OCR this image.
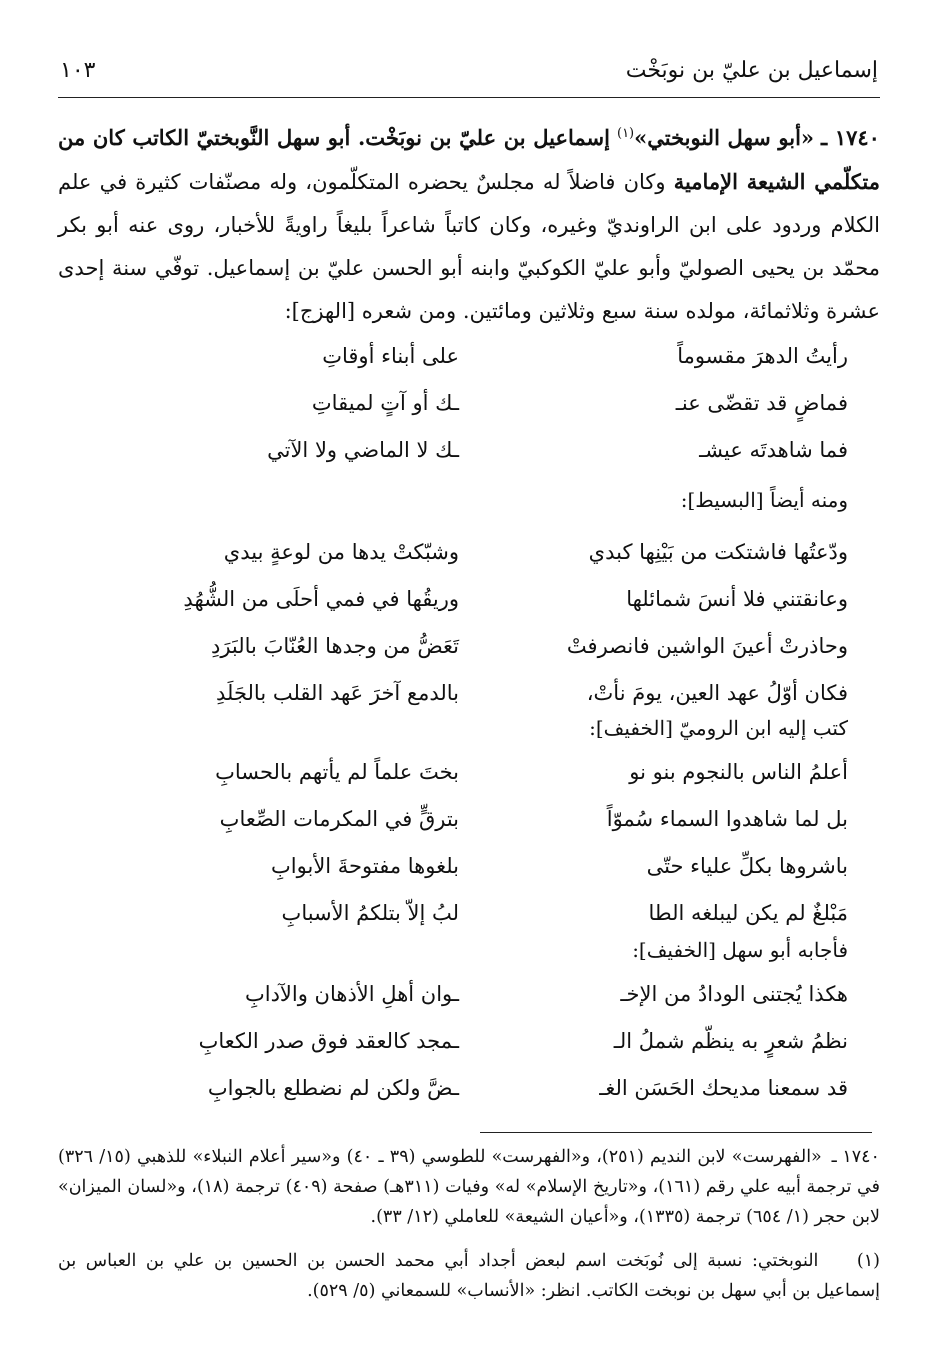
إسماعيل بن عليّ بن نوبَخْت
١٠٣
١٧٤٠ ـ «أبو سهل النوبختي»$^{(١)}$ إسماعيل بن عليّ بن نوبَخْت. أبو سهل النَّوبختيّ الكاتب كان من متكلّمي الشيعة الإمامية وكان فاضلاً له مجلسٌ يحضره المتكلّمون، وله مصنّفات كثيرة في علم الكلام وردود على ابن الراونديّ وغيره، وكان كاتباً شاعراً بليغاً راويةً للأخبار، روى عنه أبو بكر محمّد بن يحيى الصوليّ وأبو عليّ الكوكبيّ وابنه أبو الحسن عليّ بن إسماعيل. توفّي سنة إحدى عشرة وثلاثمائة، مولده سنة سبع وثلاثين ومائتين. ومن شعره [الهزج]:
رأيتُ الدهرَ مقسوماً
على أبناء أوقاتِ
فماضٍ قد تقضّى عنـ
ـك أو آتٍ لميقاتِ
فما شاهدتَه عيشـ
ـك لا الماضي ولا الآتي
ومنه أيضاً [البسيط]:
ودّعتُها فاشتكت من بَيْنِها كبدي
وشبّكتْ يدها من لوعةٍ بيدي
وعانقتني فلا أنسَ شمائلها
وريقُها في فمي أحلَى من الشُّهُدِ
وحاذرتْ أعينَ الواشين فانصرفتْ
تَعَضُّ من وجدها العُنّابَ بالبَرَدِ
فكان أوّلُ عهد العين، يومَ نأتْ،
بالدمع آخرَ عَهد القلب بالجَلَدِ
كتب إليه ابن الروميّ [الخفيف]:
أعلمُ الناس بالنجوم بنو نو
بختَ علماً لم يأتهم بالحسابِ
بل لما شاهدوا السماء سُموّاً
بترقٍّ في المكرمات الصِّعابِ
باشروها بكلِّ علياء حتّى
بلغوها مفتوحةَ الأبوابِ
مَبْلغٌ لم يكن ليبلغه الطا
لبُ إلاّ بتلكمُ الأسبابِ
فأجابه أبو سهل [الخفيف]:
هكذا يُجتنى الودادُ من الإخـ
ـوان أهلِ الأذهان والآدابِ
نظمُ شعرٍ به ينظّم شملُ الـ
ـمجد كالعقد فوق صدر الكعابِ
قد سمعنا مديحك الحَسَن الغـ
ـضَّ ولكن لم نضطلع بالجوابِ
١٧٤٠ ـ «الفهرست» لابن النديم (٢٥١)، و«الفهرست» للطوسي (٣٩ ـ ٤٠) و«سير أعلام النبلاء» للذهبي (١٥/ ٣٢٦) في ترجمة أبيه علي رقم (١٦١)، و«تاريخ الإسلام» له» وفيات (٣١١هـ) صفحة (٤٠٩) ترجمة (١٨)، و«لسان الميزان» لابن حجر (١/ ٦٥٤) ترجمة (١٣٣٥)، و«أعيان الشيعة» للعاملي (١٢/ ٣٣).
(١) النوبختي: نسبة إلى نُوبَخت اسم لبعض أجداد أبي محمد الحسن بن الحسين بن علي بن العباس بن إسماعيل بن أبي سهل بن نوبخت الكاتب. انظر: «الأنساب» للسمعاني (٥/ ٥٢٩).
